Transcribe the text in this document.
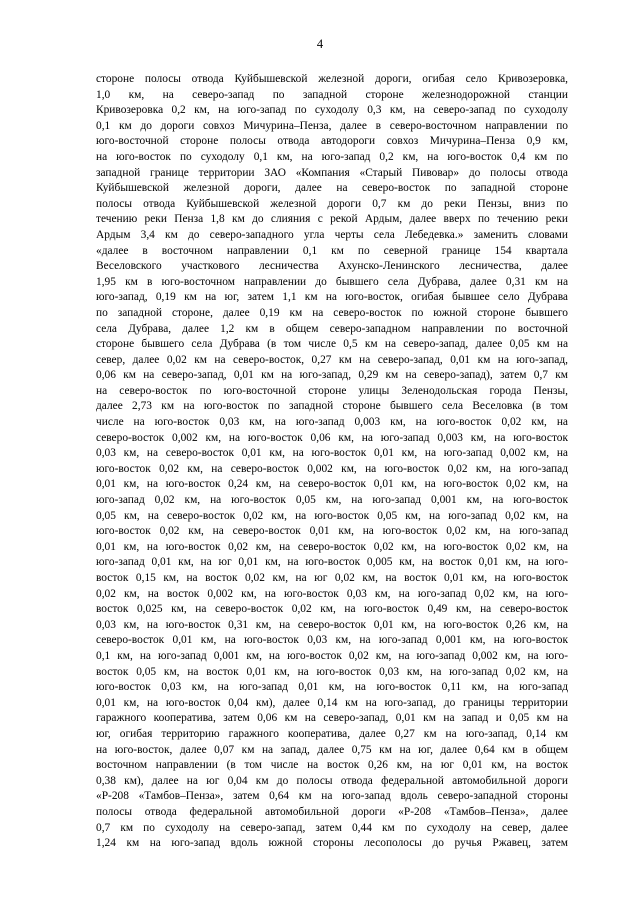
4
стороне полосы отвода Куйбышевской железной дороги, огибая село Кривозеровка,
1,0 км, на северо-запад по западной стороне железнодорожной станции
Кривозеровка 0,2 км, на юго-запад по суходолу 0,3 км, на северо-запад по суходолу
0,1 км до дороги совхоз Мичурина–Пенза, далее в северо-восточном направлении по
юго-восточной стороне полосы отвода автодороги совхоз Мичурина–Пенза 0,9 км,
на юго-восток по суходолу 0,1 км, на юго-запад 0,2 км, на юго-восток 0,4 км по
западной границе территории ЗАО «Компания «Старый Пивовар» до полосы отвода
Куйбышевской железной дороги, далее на северо-восток по западной стороне
полосы отвода Куйбышевской железной дороги 0,7 км до реки Пензы, вниз по
течению реки Пенза 1,8 км до слияния с рекой Ардым, далее вверх по течению реки
Ардым 3,4 км до северо-западного угла черты села Лебедевка.» заменить словами
«далее в восточном направлении 0,1 км по северной границе 154 квартала
Веселовского участкового лесничества Ахунско-Ленинского лесничества, далее
1,95 км в юго-восточном направлении до бывшего села Дубрава, далее 0,31 км на
юго-запад, 0,19 км на юг, затем 1,1 км на юго-восток, огибая бывшее село Дубрава
по западной стороне, далее 0,19 км на северо-восток по южной стороне бывшего
села Дубрава, далее 1,2 км в общем северо-западном направлении по восточной
стороне бывшего села Дубрава (в том числе 0,5 км на северо-запад, далее 0,05 км на
север, далее 0,02 км на северо-восток, 0,27 км на северо-запад, 0,01 км на юго-запад,
0,06 км на северо-запад, 0,01 км на юго-запад, 0,29 км на северо-запад), затем 0,7 км
на северо-восток по юго-восточной стороне улицы Зеленодольская города Пензы,
далее 2,73 км на юго-восток по западной стороне бывшего села Веселовка (в том
числе на юго-восток 0,03 км, на юго-запад 0,003 км, на юго-восток 0,02 км, на
северо-восток 0,002 км, на юго-восток 0,06 км, на юго-запад 0,003 км, на юго-восток
0,03 км, на северо-восток 0,01 км, на юго-восток 0,01 км, на юго-запад 0,002 км, на
юго-восток 0,02 км, на северо-восток 0,002 км, на юго-восток 0,02 км, на юго-запад
0,01 км, на юго-восток 0,24 км, на северо-восток 0,01 км, на юго-восток 0,02 км, на
юго-запад 0,02 км, на юго-восток 0,05 км, на юго-запад 0,001 км, на юго-восток
0,05 км, на северо-восток 0,02 км, на юго-восток 0,05 км, на юго-запад 0,02 км, на
юго-восток 0,02 км, на северо-восток 0,01 км, на юго-восток 0,02 км, на юго-запад
0,01 км, на юго-восток 0,02 км, на северо-восток 0,02 км, на юго-восток 0,02 км, на
юго-запад 0,01 км, на юг 0,01 км, на юго-восток 0,005 км, на восток 0,01 км, на юго-
восток 0,15 км, на восток 0,02 км, на юг 0,02 км, на восток 0,01 км, на юго-восток
0,02 км, на восток 0,002 км, на юго-восток 0,03 км, на юго-запад 0,02 км, на юго-
восток 0,025 км, на северо-восток 0,02 км, на юго-восток 0,49 км, на северо-восток
0,03 км, на юго-восток 0,31 км, на северо-восток 0,01 км, на юго-восток 0,26 км, на
северо-восток 0,01 км, на юго-восток 0,03 км, на юго-запад 0,001 км, на юго-восток
0,1 км, на юго-запад 0,001 км, на юго-восток 0,02 км, на юго-запад 0,002 км, на юго-
восток 0,05 км, на восток 0,01 км, на юго-восток 0,03 км, на юго-запад 0,02 км, на
юго-восток 0,03 км, на юго-запад 0,01 км, на юго-восток 0,11 км, на юго-запад
0,01 км, на юго-восток 0,04 км), далее 0,14 км на юго-запад, до границы территории
гаражного кооператива, затем 0,06 км на северо-запад, 0,01 км на запад и 0,05 км на
юг, огибая территорию гаражного кооператива, далее 0,27 км на юго-запад, 0,14 км
на юго-восток, далее 0,07 км на запад, далее 0,75 км на юг, далее 0,64 км в общем
восточном направлении (в том числе на восток 0,26 км, на юг 0,01 км, на восток
0,38 км), далее на юг 0,04 км до полосы отвода федеральной автомобильной дороги
«Р-208 «Тамбов–Пенза», затем 0,64 км на юго-запад вдоль северо-западной стороны
полосы отвода федеральной автомобильной дороги «Р-208 «Тамбов–Пенза», далее
0,7 км по суходолу на северо-запад, затем 0,44 км по суходолу на север, далее
1,24 км на юго-запад вдоль южной стороны лесополосы до ручья Ржавец, затем
